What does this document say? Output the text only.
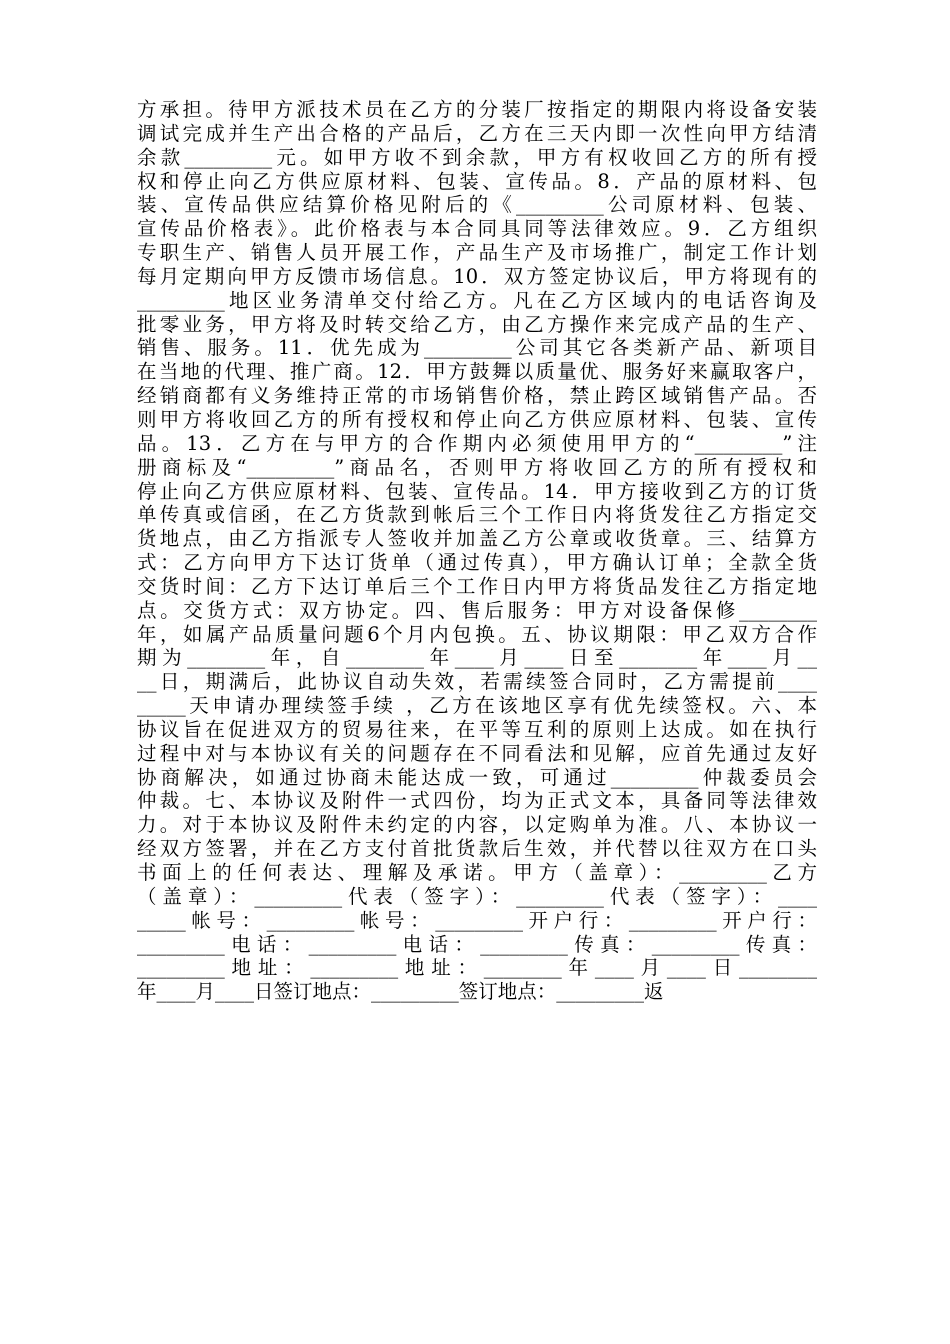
方承担。待甲方派技术员在乙方的分装厂按指定的期限内将设备安装
调试完成并生产出合格的产品后，乙方在三天内即一次性向甲方结清
余款_________元。如甲方收不到余款，甲方有权收回乙方的所有授
权和停止向乙方供应原材料、包装、宣传品。8．产品的原材料、包
装、宣传品供应结算价格见附后的《_________公司原材料、包装、
宣传品价格表》。此价格表与本合同具同等法律效应。9．乙方组织
专职生产、销售人员开展工作，产品生产及市场推广，制定工作计划
每月定期向甲方反馈市场信息。10．双方签定协议后，甲方将现有的
_________地区业务清单交付给乙方。凡在乙方区域内的电话咨询及
批零业务，甲方将及时转交给乙方，由乙方操作来完成产品的生产、
销售、服务。11．优先成为_________公司其它各类新产品、新项目
在当地的代理、推广商。12．甲方鼓舞以质量优、服务好来赢取客户，
经销商都有义务维持正常的市场销售价格，禁止跨区域销售产品。否
则甲方将收回乙方的所有授权和停止向乙方供应原材料、包装、宣传
品。13．乙方在与甲方的合作期内必须使用甲方的“_________”注
册商标及“_________”商品名，否则甲方将收回乙方的所有授权和
停止向乙方供应原材料、包装、宣传品。14．甲方接收到乙方的订货
单传真或信函，在乙方货款到帐后三个工作日内将货发往乙方指定交
货地点，由乙方指派专人签收并加盖乙方公章或收货章。三、结算方
式：乙方向甲方下达订货单（通过传真），甲方确认订单；全款全货
交货时间：乙方下达订单后三个工作日内甲方将货品发往乙方指定地
点。交货方式：双方协定。四、售后服务：甲方对设备保修________
年，如属产品质量问题6个月内包换。五、协议期限：甲乙双方合作
期为________年，自________年____月____日至________年____月__
__日，期满后，此协议自动失效，若需续签合同时，乙方需提前____
_____天申请办理续签手续 ，乙方在该地区享有优先续签权。六、本
协议旨在促进双方的贸易往来，在平等互利的原则上达成。如在执行
过程中对与本协议有关的问题存在不同看法和见解，应首先通过友好
协商解决，如通过协商未能达成一致，可通过_________仲裁委员会
仲裁。七、本协议及附件一式四份，均为正式文本，具备同等法律效
力。对于本协议及附件未约定的内容，以定购单为准。八、本协议一
经双方签署，并在乙方支付首批货款后生效，并代替以往双方在口头
书面上的任何表达、理解及承诺。甲方（盖章）：_________乙方
（盖章）：_________代表（签字）：_________代表（签字）：____
_____帐号：_________帐号：_________开户行：_________开户行：
_________电话：_________电话：_________传真：_________传真：
_________地址：_________地址：________年____月____日________
年____月____日签订地点：_________签订地点：_________返
